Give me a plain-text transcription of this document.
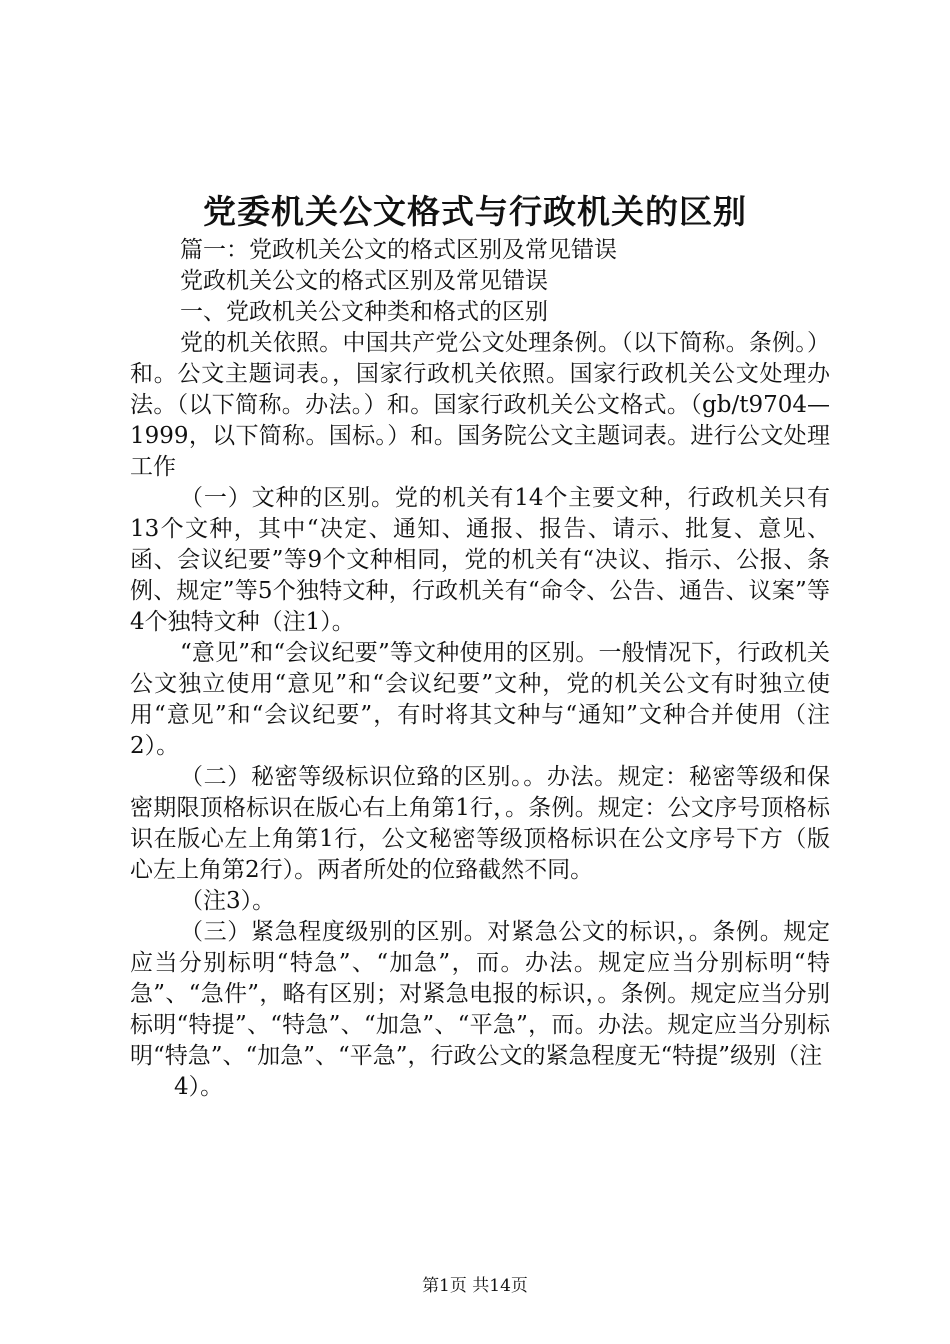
党委机关公文格式与行政机关的区别

篇一：党政机关公文的格式区别及常见错误

党政机关公文的格式区别及常见错误

一、党政机关公文种类和格式的区别

党的机关依照。中国共产党公文处理条例。（以下简称。条例。）和。公文主题词表。，国家行政机关依照。国家行政机关公文处理办法。（以下简称。办法。）和。国家行政机关公文格式。（gb/t9704—1999，以下简称。国标。）和。国务院公文主题词表。进行公文处理工作

（一）文种的区别。党的机关有14个主要文种，行政机关只有13个文种，其中“决定、通知、通报、报告、请示、批复、意见、函、会议纪要”等9个文种相同，党的机关有“决议、指示、公报、条例、规定”等5个独特文种，行政机关有“命令、公告、通告、议案”等4个独特文种（注1）。

“意见”和“会议纪要”等文种使用的区别。一般情况下，行政机关公文独立使用“意见”和“会议纪要”文种，党的机关公文有时独立使用“意见”和“会议纪要”，有时将其文种与“通知”文种合并使用（注2）。

（二）秘密等级标识位臵的区别。。办法。规定：秘密等级和保密期限顶格标识在版心右上角第1行，。条例。规定：公文序号顶格标识在版心左上角第1行，公文秘密等级顶格标识在公文序号下方（版心左上角第2行）。两者所处的位臵截然不同。

（注3）。

（三）紧急程度级别的区别。对紧急公文的标识，。条例。规定应当分别标明“特急”、“加急”，而。办法。规定应当分别标明“特急”、“急件”，略有区别；对紧急电报的标识，。条例。规定应当分别标明“特提”、“特急”、“加急”、“平急”，而。办法。规定应当分别标明“特急”、“加急”、“平急”，行政公文的紧急程度无“特提”级别（注

4）。

第1页 共14页
